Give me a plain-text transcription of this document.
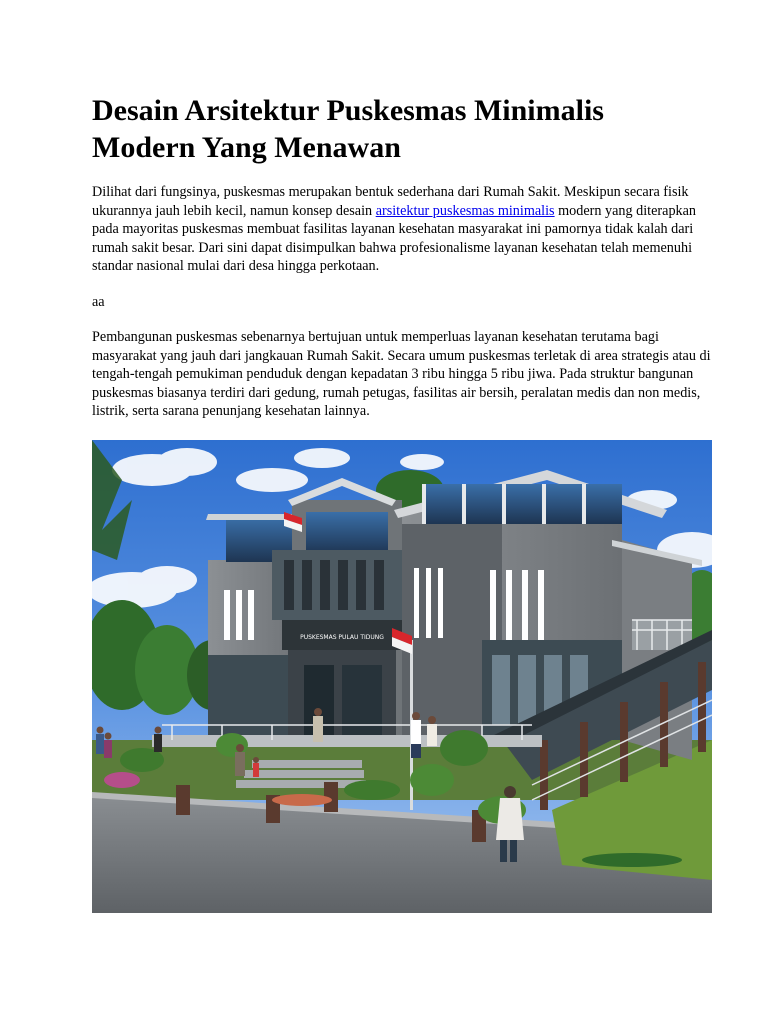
Desain Arsitektur Puskesmas Minimalis Modern Yang Menawan

Dilihat dari fungsinya, puskesmas merupakan bentuk sederhana dari Rumah Sakit. Meskipun secara fisik ukurannya jauh lebih kecil, namun konsep desain arsitektur puskesmas minimalis modern yang diterapkan pada mayoritas puskesmas membuat fasilitas layanan kesehatan masyarakat ini pamornya tidak kalah dari rumah sakit besar. Dari sini dapat disimpulkan bahwa profesionalisme layanan kesehatan telah memenuhi standar nasional mulai dari desa hingga perkotaan.

aa

Pembangunan puskesmas sebenarnya bertujuan untuk memperluas layanan kesehatan terutama bagi masyarakat yang jauh dari jangkauan Rumah Sakit. Secara umum puskesmas terletak di area strategis atau di tengah-tengah pemukiman penduduk dengan kepadatan 3 ribu hingga 5 ribu jiwa. Pada struktur bangunan puskesmas biasanya terdiri dari gedung, rumah petugas, fasilitas air bersih, peralatan medis dan non medis, listrik, serta sarana penunjang kesehatan lainnya.

PUSKESMAS PULAU TIDUNG
